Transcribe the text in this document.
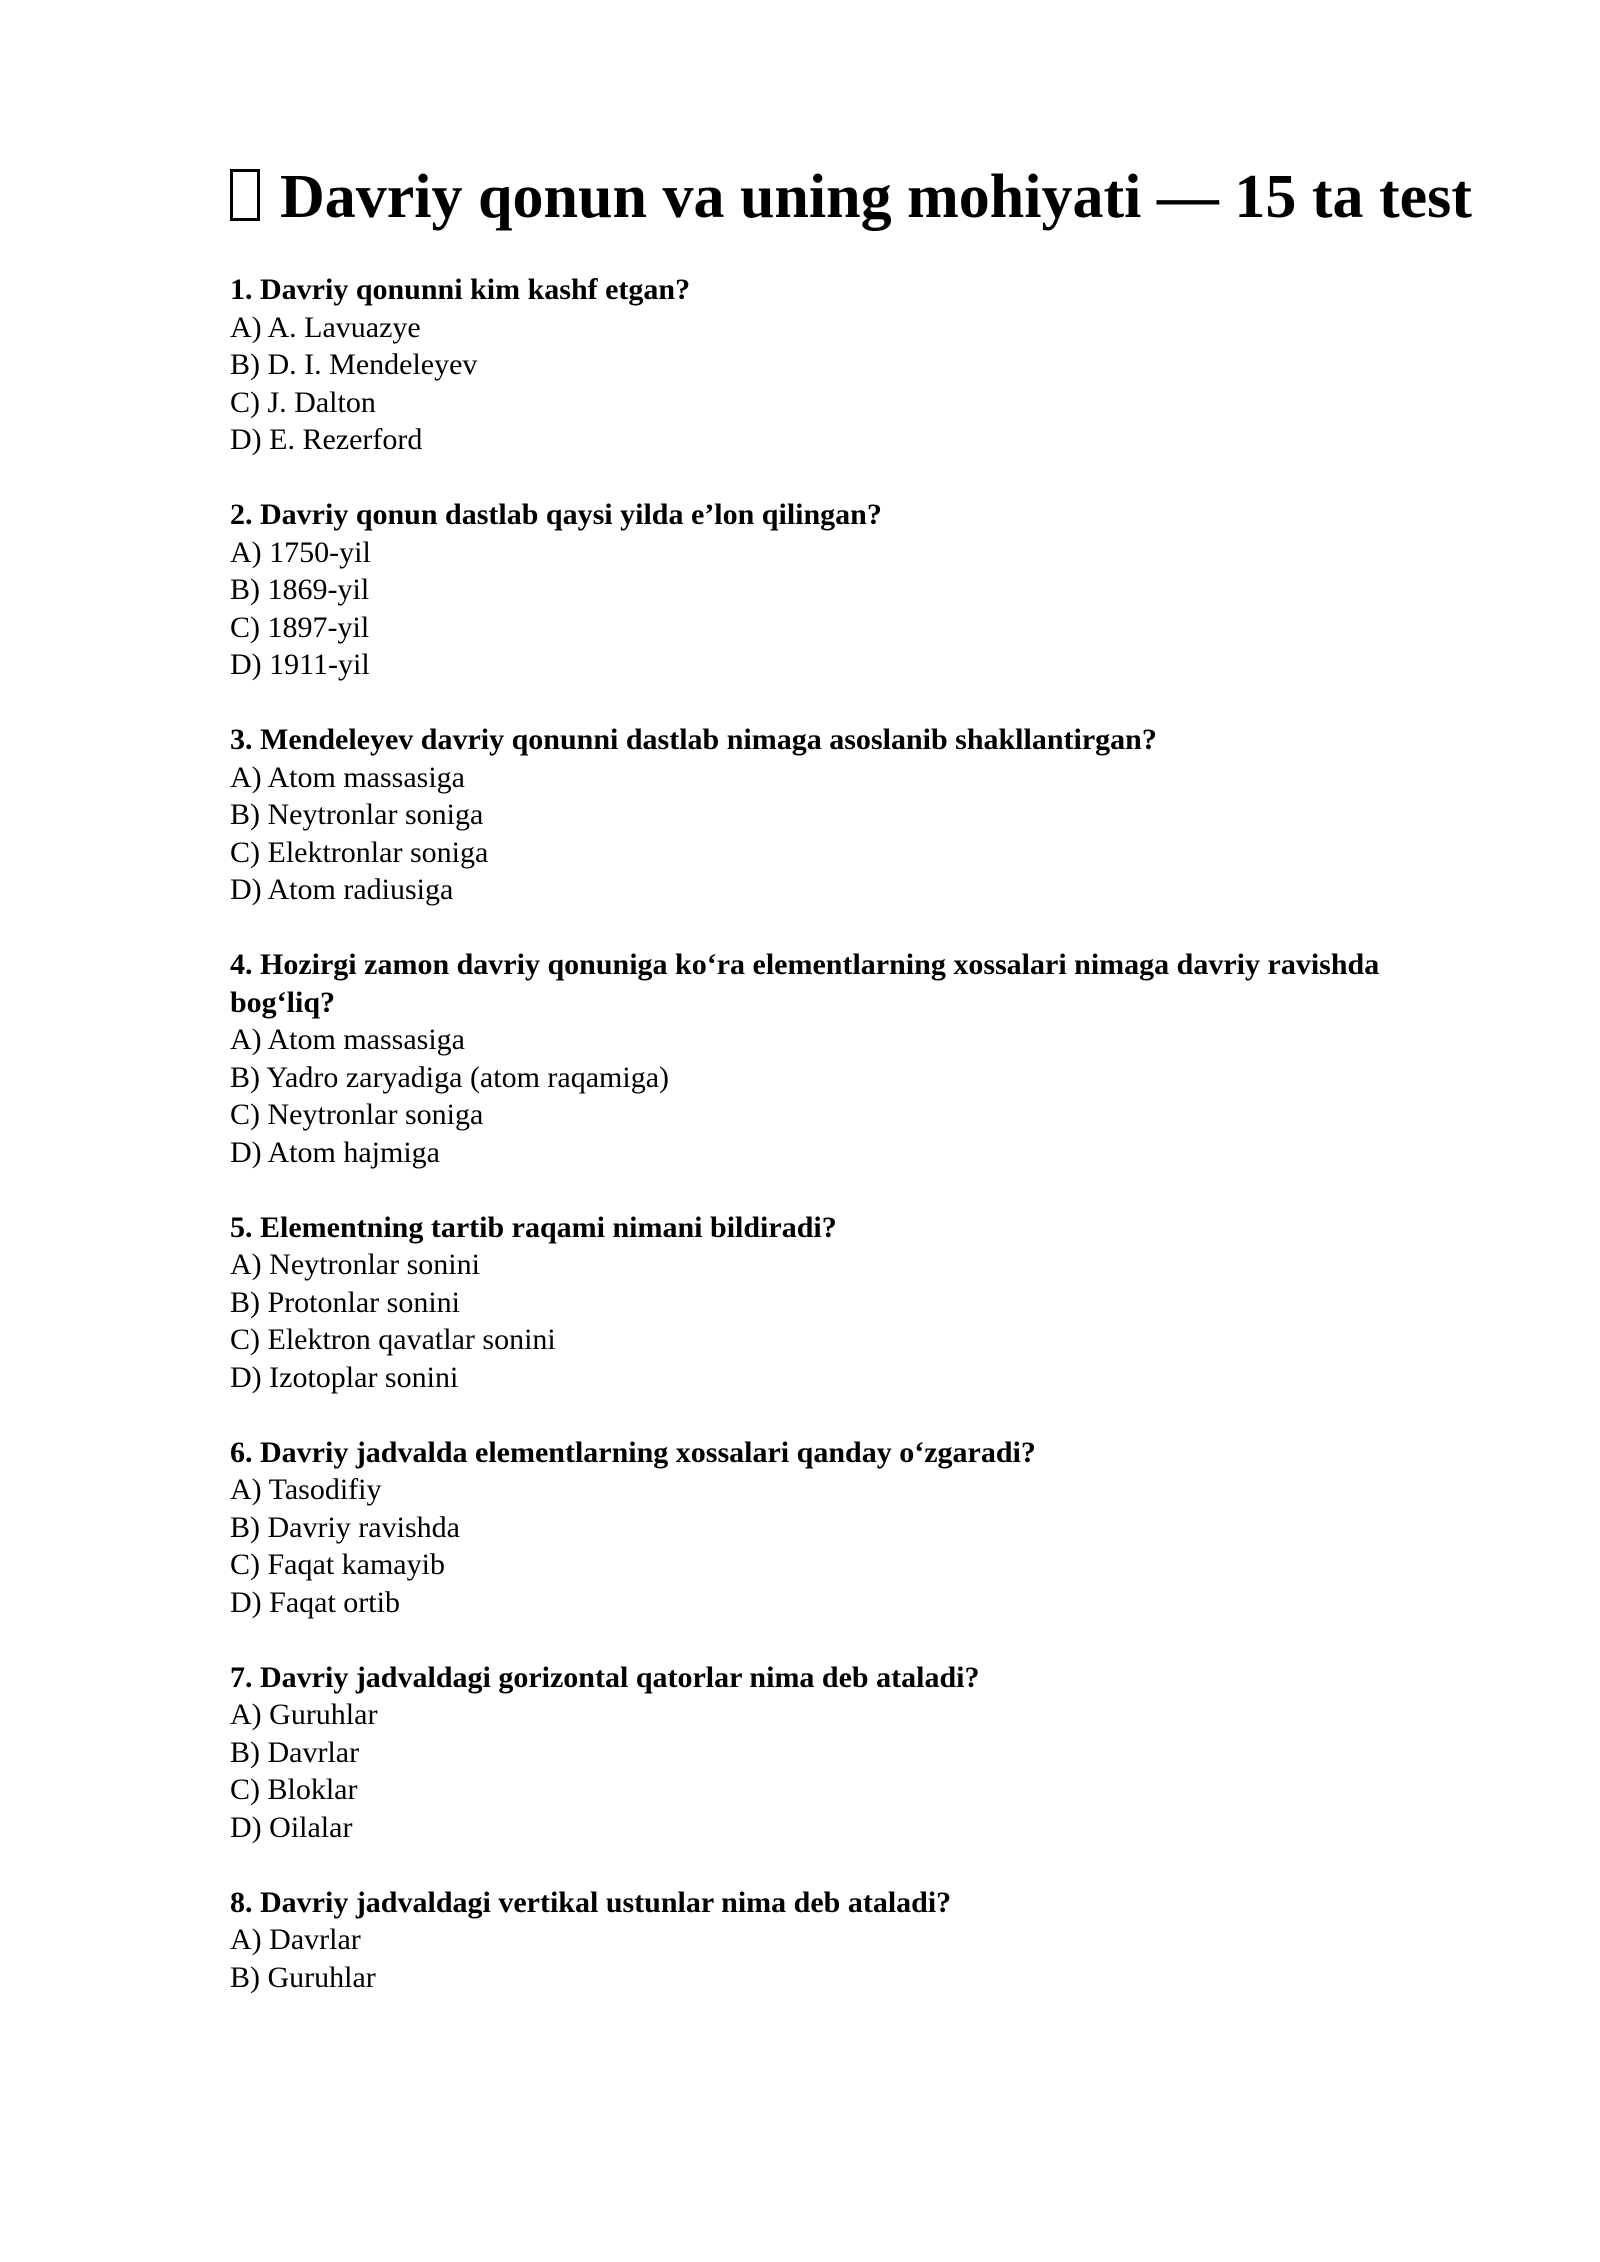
Davriy qonun va uning mohiyati — 15 ta test
1. Davriy qonunni kim kashf etgan?
A) A. Lavuazye
B) D. I. Mendeleyev
C) J. Dalton
D) E. Rezerford
2. Davriy qonun dastlab qaysi yilda e’lon qilingan?
A) 1750-yil
B) 1869-yil
C) 1897-yil
D) 1911-yil
3. Mendeleyev davriy qonunni dastlab nimaga asoslanib shakllantirgan?
A) Atom massasiga
B) Neytronlar soniga
C) Elektronlar soniga
D) Atom radiusiga
4. Hozirgi zamon davriy qonuniga ko‘ra elementlarning xossalari nimaga davriy ravishda bog‘liq?
A) Atom massasiga
B) Yadro zaryadiga (atom raqamiga)
C) Neytronlar soniga
D) Atom hajmiga
5. Elementning tartib raqami nimani bildiradi?
A) Neytronlar sonini
B) Protonlar sonini
C) Elektron qavatlar sonini
D) Izotoplar sonini
6. Davriy jadvalda elementlarning xossalari qanday o‘zgaradi?
A) Tasodifiy
B) Davriy ravishda
C) Faqat kamayib
D) Faqat ortib
7. Davriy jadvaldagi gorizontal qatorlar nima deb ataladi?
A) Guruhlar
B) Davrlar
C) Bloklar
D) Oilalar
8. Davriy jadvaldagi vertikal ustunlar nima deb ataladi?
A) Davrlar
B) Guruhlar
